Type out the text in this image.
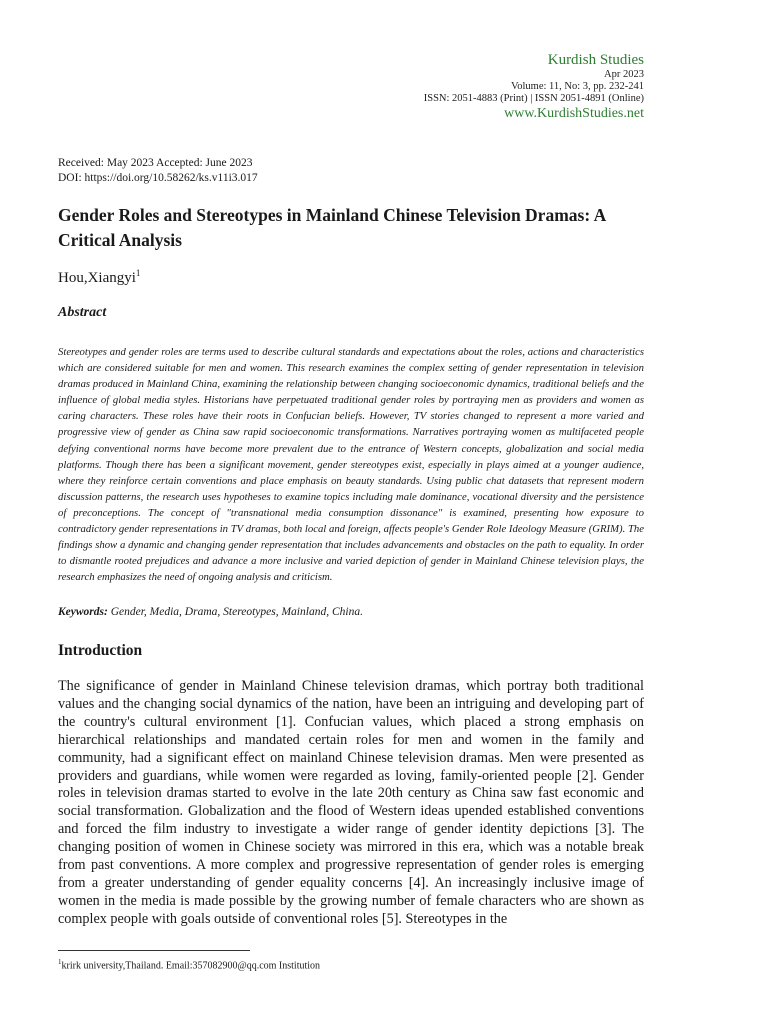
Kurdish Studies
Apr 2023
Volume: 11, No: 3, pp. 232-241
ISSN: 2051-4883 (Print) | ISSN 2051-4891 (Online)
www.KurdishStudies.net
Received: May 2023 Accepted: June 2023
DOI: https://doi.org/10.58262/ks.v11i3.017
Gender Roles and Stereotypes in Mainland Chinese Television Dramas: A Critical Analysis
Hou,Xiangyi$^1$
Abstract

Stereotypes and gender roles are terms used to describe cultural standards and expectations about the roles, actions and characteristics which are considered suitable for men and women. This research examines the complex setting of gender representation in television dramas produced in Mainland China, examining the relationship between changing socioeconomic dynamics, traditional beliefs and the influence of global media styles. Historians have perpetuated traditional gender roles by portraying men as providers and women as caring characters. These roles have their roots in Confucian beliefs. However, TV stories changed to represent a more varied and progressive view of gender as China saw rapid socioeconomic transformations. Narratives portraying women as multifaceted people defying conventional norms have become more prevalent due to the entrance of Western concepts, globalization and social media platforms. Though there has been a significant movement, gender stereotypes exist, especially in plays aimed at a younger audience, where they reinforce certain conventions and place emphasis on beauty standards. Using public chat datasets that represent modern discussion patterns, the research uses hypotheses to examine topics including male dominance, vocational diversity and the persistence of preconceptions. The concept of "transnational media consumption dissonance" is examined, presenting how exposure to contradictory gender representations in TV dramas, both local and foreign, affects people's Gender Role Ideology Measure (GRIM). The findings show a dynamic and changing gender representation that includes advancements and obstacles on the path to equality. In order to dismantle rooted prejudices and advance a more inclusive and varied depiction of gender in Mainland Chinese television plays, the research emphasizes the need of ongoing analysis and criticism.

Keywords: Gender, Media, Drama, Stereotypes, Mainland, China.
Introduction

The significance of gender in Mainland Chinese television dramas, which portray both traditional values and the changing social dynamics of the nation, have been an intriguing and developing part of the country's cultural environment [1]. Confucian values, which placed a strong emphasis on hierarchical relationships and mandated certain roles for men and women in the family and community, had a significant effect on mainland Chinese television dramas. Men were presented as providers and guardians, while women were regarded as loving, family-oriented people [2]. Gender roles in television dramas started to evolve in the late 20th century as China saw fast economic and social transformation. Globalization and the flood of Western ideas upended established conventions and forced the film industry to investigate a wider range of gender identity depictions [3]. The changing position of women in Chinese society was mirrored in this era, which was a notable break from past conventions. A more complex and progressive representation of gender roles is emerging from a greater understanding of gender equality concerns [4]. An increasingly inclusive image of women in the media is made possible by the growing number of female characters who are shown as complex people with goals outside of conventional roles [5]. Stereotypes in the

$^1$krirk university,Thailand. Email:357082900@qq.com Institution
